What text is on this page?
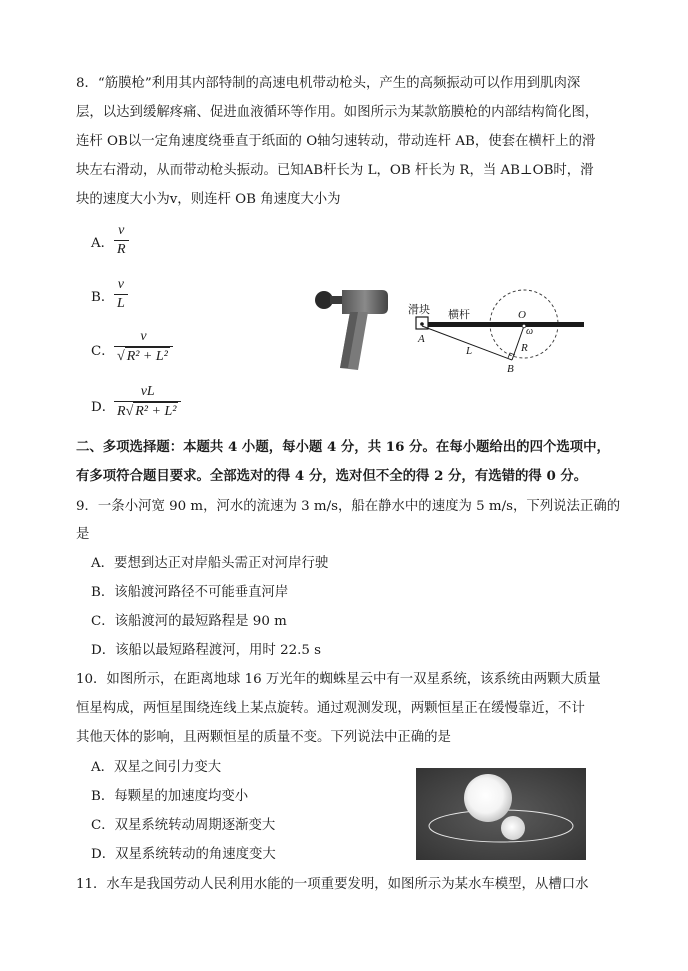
8．“筋膜枪”利用其内部特制的高速电机带动枪头，产生的高频振动可以作用到肌肉深
层，以达到缓解疼痛、促进血液循环等作用。如图所示为某款筋膜枪的内部结构简化图，
连杆 OB以一定角速度绕垂直于纸面的 O轴匀速转动，带动连杆 AB，使套在横杆上的滑
块左右滑动，从而带动枪头振动。已知AB杆长为 L，OB 杆长为 R，当 AB⊥OB时，滑
块的速度大小为v，则连杆 OB 角速度大小为
A． $\frac{v}{R}$
B． $\frac{v}{L}$
C． $\frac{v}{\text{√ R² + L²}}$
D．
$\frac{vL}{\text{R√ R² + L²}}$
滑块 横杆	O
ω
A
L	R
B
二、多项选择题：本题共 4 小题，每小题 4 分，共 16 分。在每小题给出的四个选项中，
有多项符合题目要求。全部选对的得 4 分，选对但不全的得 2 分，有选错的得 0 分。
9．一条小河宽 90 m，河水的流速为 3 m/s，船在静水中的速度为 5 m/s，下列说法正确的
是
A．要想到达正对岸船头需正对河岸行驶
B．该船渡河路径不可能垂直河岸
C．该船渡河的最短路程是 90 m
D．该船以最短路程渡河，用时 22.5 s
10．如图所示，在距离地球 16 万光年的蜘蛛星云中有一双星系统，该系统由两颗大质量
恒星构成，两恒星围绕连线上某点旋转。通过观测发现，两颗恒星正在缓慢靠近，不计
其他天体的影响，且两颗恒星的质量不变。下列说法中正确的是
A．双星之间引力变大
B．每颗星的加速度均变小
C．双星系统转动周期逐渐变大
D．双星系统转动的角速度变大
11．水车是我国劳动人民利用水能的一项重要发明，如图所示为某水车模型，从槽口水
